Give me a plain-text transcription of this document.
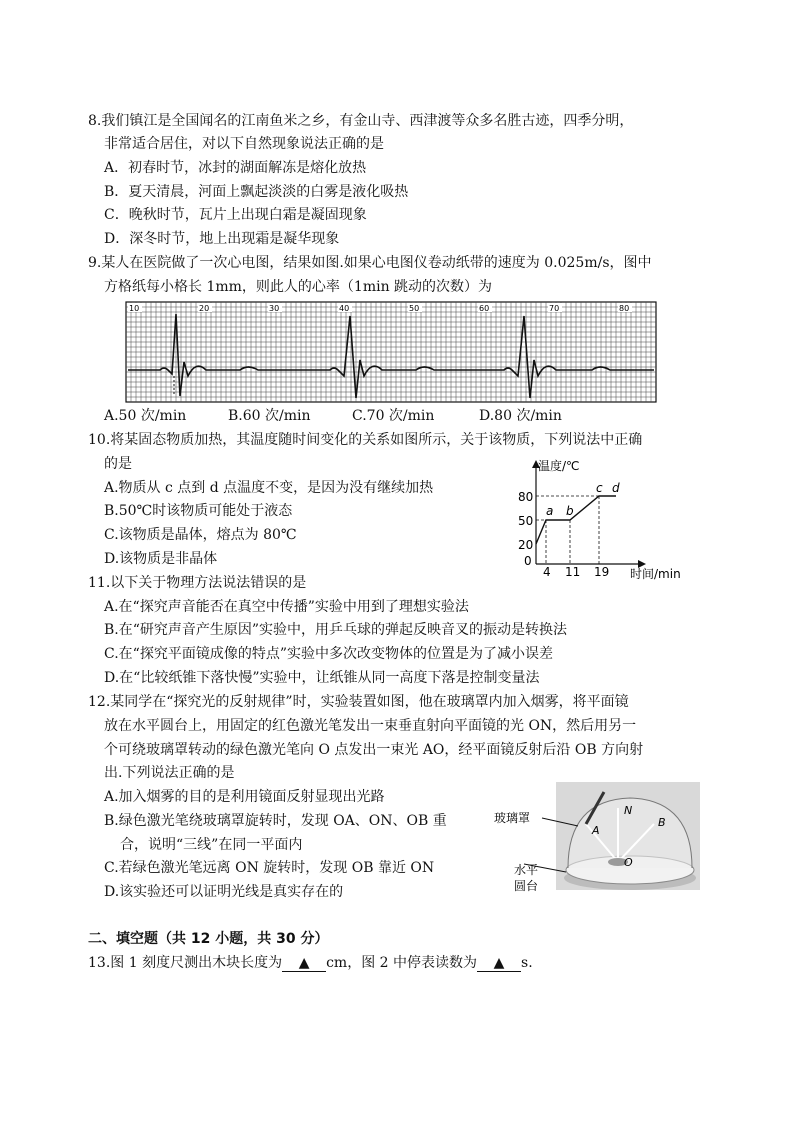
8.我们镇江是全国闻名的江南鱼米之乡，有金山寺、西津渡等众多名胜古迹，四季分明，
非常适合居住，对以下自然现象说法正确的是
A．初春时节，冰封的湖面解冻是熔化放热
B．夏天清晨，河面上飘起淡淡的白雾是液化吸热
C．晚秋时节，瓦片上出现白霜是凝固现象
D．深冬时节，地上出现霜是凝华现象
9.某人在医院做了一次心电图，结果如图.如果心电图仪卷动纸带的速度为 0.025m/s，图中
方格纸每小格长 1mm，则此人的心率（1min 跳动的次数）为
10	20	30	40	50	60	70	80
A.50 次/min	B.60 次/min	C.70 次/min	D.80 次/min
10.将某固态物质加热，其温度随时间变化的关系如图所示，关于该物质，下列说法中正确
的是
A.物质从 c 点到 d 点温度不变，是因为没有继续加热
B.50℃时该物质可能处于液态
C.该物质是晶体，熔点为 80℃
D.该物质是非晶体
温度/℃
时间/min
80
50
20
0
4 11 19
a b
c d
11.以下关于物理方法说法错误的是
A.在“探究声音能否在真空中传播”实验中用到了理想实验法
B.在“研究声音产生原因”实验中，用乒乓球的弹起反映音叉的振动是转换法
C.在“探究平面镜成像的特点”实验中多次改变物体的位置是为了减小误差
D.在“比较纸锥下落快慢”实验中，让纸锥从同一高度下落是控制变量法
12.某同学在“探究光的反射规律”时，实验装置如图，他在玻璃罩内加入烟雾，将平面镜
放在水平圆台上，用固定的红色激光笔发出一束垂直射向平面镜的光 ON，然后用另一
个可绕玻璃罩转动的绿色激光笔向 O 点发出一束光 AO，经平面镜反射后沿 OB 方向射
出.下列说法正确的是
A.加入烟雾的目的是利用镜面反射显现出光路
B.绿色激光笔绕玻璃罩旋转时，发现 OA、ON、OB 重
合，说明“三线”在同一平面内
C.若绿色激光笔远离 ON 旋转时，发现 OB 靠近 ON
D.该实验还可以证明光线是真实存在的
N
A
B
O
玻璃罩
水平
圆台
二、填空题（共 12 小题，共 30 分）
13.图 1 刻度尺测出木块长度为 ▲ cm，图 2 中停表读数为 ▲ s.
